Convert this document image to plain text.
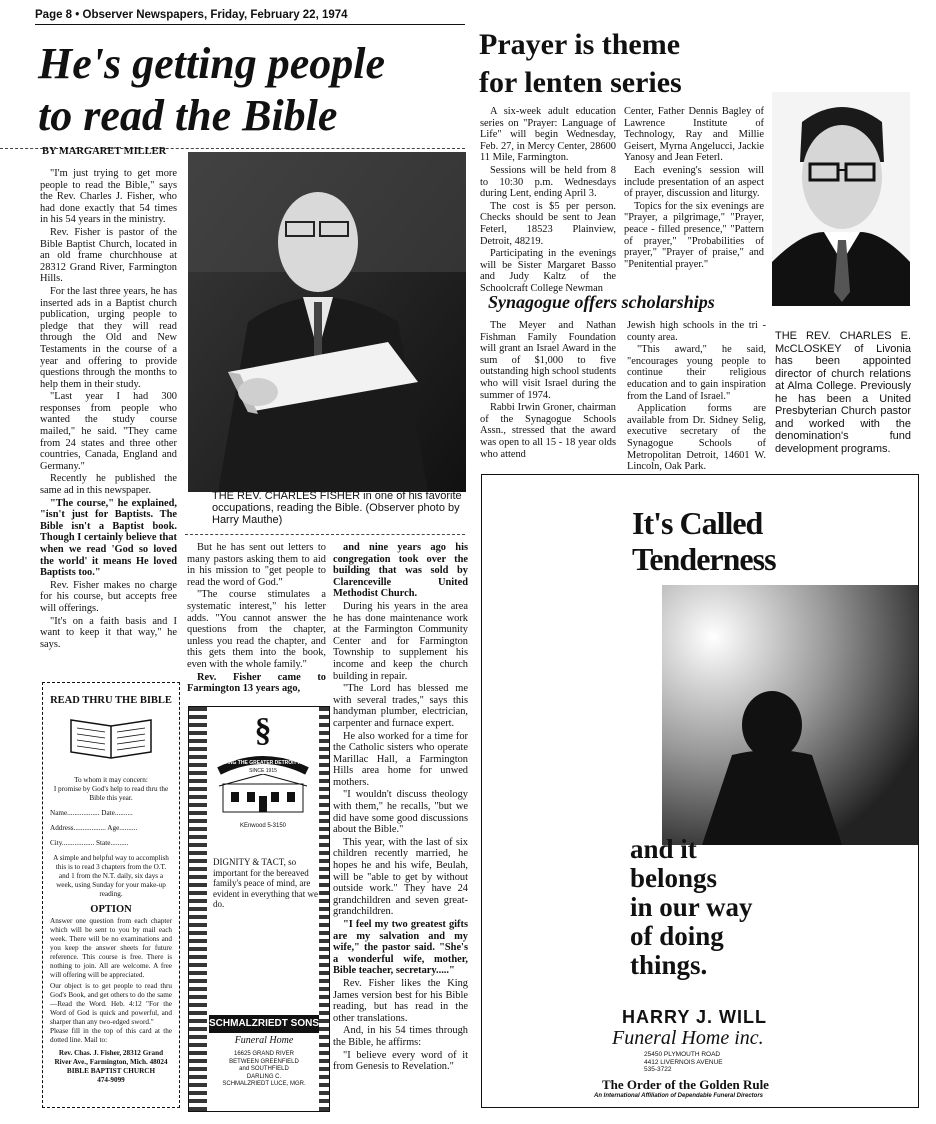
Page 8 • Observer Newspapers, Friday, February 22, 1974
He's getting people
to read the Bible
BY MARGARET MILLER

"I'm just trying to get more people to read the Bible," says the Rev. Charles J. Fisher, who had done exactly that 54 times in his 54 years in the ministry.

Rev. Fisher is pastor of the Bible Baptist Church, located in an old frame churchhouse at 28312 Grand River, Farmington Hills.

For the last three years, he has inserted ads in a Baptist church publication, urging people to pledge that they will read through the Old and New Testaments in the course of a year and offering to provide questions through the months to help them in their study.

"Last year I had 300 responses from people who wanted the study course mailed," he said. "They came from 24 states and three other countries, Canada, England and Germany."

Recently he published the same ad in this newspaper.

"The course," he explained, "isn't just for Baptists. The Bible isn't a Baptist book. Though I certainly believe that when we read 'God so loved the world' it means He loved Baptists too."

Rev. Fisher makes no charge for his course, but accepts free will offerings.

"It's on a faith basis and I want to keep it that way," he says.

THE REV. CHARLES FISHER in one of his favorite occupations, reading the Bible. (Observer photo by Harry Mauthe)

But he has sent out letters to many pastors asking them to aid in his mission to "get people to read the word of God."

"The course stimulates a systematic interest," his letter adds. "You cannot answer the questions from the chapter, unless you read the chapter, and this gets them into the book, even with the whole family."

Rev. Fisher came to Farmington 13 years ago,

and nine years ago his congregation took over the building that was sold by Clarenceville United Methodist Church.

During his years in the area he has done maintenance work at the Farmington Community Center and for Farmington Township to supplement his income and keep the church building in repair.

"The Lord has blessed me with several trades," says this handyman plumber, electrician, carpenter and furnace expert.

He also worked for a time for the Catholic sisters who operate Marillac Hall, a Farmington Hills area home for unwed mothers.

"I wouldn't discuss theology with them," he recalls, "but we did have some good discussions about the Bible."

This year, with the last of six children recently married, he hopes he and his wife, Beulah, will be "able to get by without outside work." They have 24 grandchildren and seven great-grandchildren.

"I feel my two greatest gifts are my salvation and my wife," the pastor said. "She's a wonderful wife, mother, Bible teacher, secretary....."

Rev. Fisher likes the King James version best for his Bible reading, but has read in the other translations.

And, in his 54 times through the Bible, he affirms:

"I believe every word of it from Genesis to Revelation."

READ THRU THE BIBLE
To whom it may concern:
I promise by God's help to read thru the Bible this year.
Name.................. Date..........
Address.................. Age..........
City.................. State..........
A simple and helpful way to accomplish this is to read 3 chapters from the O.T. and 1 from the N.T. daily, six days a week, using Sunday for your make-up reading.
OPTION
Answer one question from each chapter which will be sent to you by mail each week. There will be no examinations and you keep the answer sheets for future reference. This course is free. There is nothing to join. All are welcome. A free will offering will be appreciated.
Our object is to get people to read thru God's Book, and get others to do the same—Read the Word. Heb. 4:12 "For the Word of God is quick and powerful, and sharper than any two-edged sword."
Please fill in the top of this card at the dotted line. Mail to:
Rev. Chas. J. Fisher, 28312 Grand River Ave., Farmington, Mich. 48024
BIBLE BAPTIST CHURCH
474-9099
§
SERVING THE GREATER DETROIT AREA
SINCE 1915
KEnwood 5-3150
DIGNITY & TACT, so important for the bereaved family's peace of mind, are evident in everything that we do.
SCHMALZRIEDT SONS
Funeral Home
16625 GRAND RIVER
BETWEEN GREENFIELD
and SOUTHFIELD
DARLING C.
SCHMALZRIEDT LUCE, MGR.
Prayer is theme
for lenten series

A six-week adult education series on "Prayer: Language of Life" will begin Wednesday, Feb. 27, in Mercy Center, 28600 11 Mile, Farmington.

Sessions will be held from 8 to 10:30 p.m. Wednesdays during Lent, ending April 3.

The cost is $5 per person. Checks should be sent to Jean Feterl, 18523 Plainview, Detroit, 48219.

Participating in the evenings will be Sister Margaret Basso and Judy Kaltz of the Schoolcraft College Newman

Center, Father Dennis Bagley of Lawrence Institute of Technology, Ray and Millie Geisert, Myrna Angelucci, Jackie Yanosy and Jean Feterl.

Each evening's session will include presentation of an aspect of prayer, discussion and liturgy.

Topics for the six evenings are "Prayer, a pilgrimage," "Prayer, peace - filled presence," "Pattern of prayer," "Probabilities of prayer," "Prayer of praise," and "Penitential prayer."

Synagogue offers scholarships

The Meyer and Nathan Fishman Family Foundation will grant an Israel Award in the sum of $1,000 to five outstanding high school students who will visit Israel during the summer of 1974.

Rabbi Irwin Groner, chairman of the Synagogue Schools Assn., stressed that the award was open to all 15 - 18 year olds who attend

Jewish high schools in the tri - county area.

"This award," he said, "encourages young people to continue their religious education and to gain inspiration from the Land of Israel."

Application forms are available from Dr. Sidney Selig, executive secretary of the Synagogue Schools of Metropolitan Detroit, 14601 W. Lincoln, Oak Park.

THE REV. CHARLES E. McCLOSKEY of Livonia has been appointed director of church relations at Alma College. Previously he has been a United Presbyterian Church pastor and worked with the denomination's fund development programs.
It's Called
Tenderness
and it
belongs
in our way
of doing
things.
HARRY J. WILL
Funeral Home inc.
25450 PLYMOUTH ROAD
4412 LIVERNOIS AVENUE
535-3722
The Order of the Golden Rule
An International Affiliation of Dependable Funeral Directors
